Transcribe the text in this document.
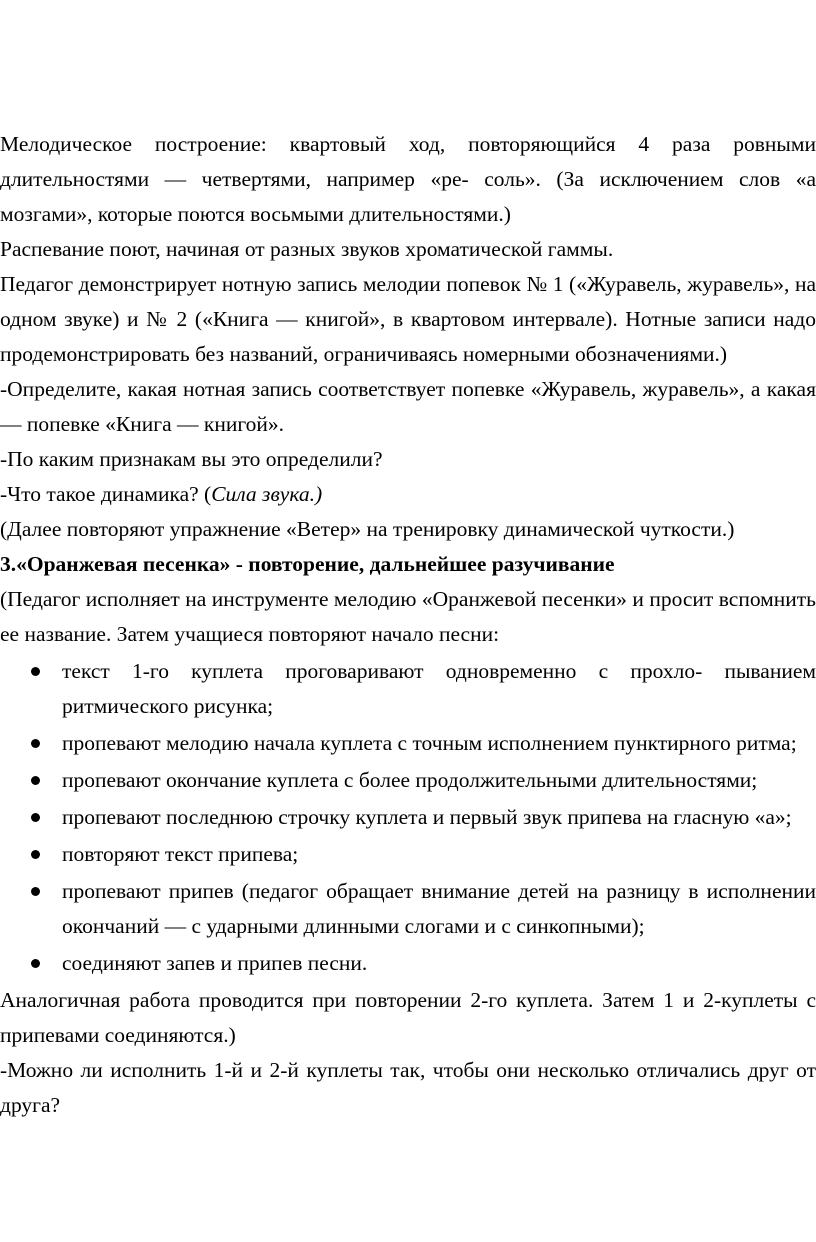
Мелодическое построение: квартовый ход, повторяющийся 4 раза ровными длительностями — четвертями, например «ре- соль». (За исключением слов «а мозгами», которые поются восьмыми длительностями.)

Распевание поют, начиная от разных звуков хроматической гаммы.

Педагог демонстрирует нотную запись мелодии попевок № 1 («Журавель, журавель», на одном звуке) и № 2 («Книга — книгой», в квартовом интервале). Нотные записи надо продемонстрировать без названий, ограничиваясь номерными обозначениями.)

-Определите, какая нотная запись соответствует попевке «Журавель, журавель», а какая — попевке «Книга — книгой».

-По каким признакам вы это определили?

-Что такое динамика? (Сила звука.)

(Далее повторяют упражнение «Ветер» на тренировку динамической чуткости.)

3.«Оранжевая песенка» - повторение, дальнейшее разучивание

(Педагог исполняет на инструменте мелодию «Оранжевой песенки» и просит вспомнить ее название. Затем учащиеся повторяют начало песни:

текст 1-го куплета проговаривают одновременно с прохло- пыванием ритмического рисунка;
пропевают мелодию начала куплета с точным исполнением пунктирного ритма;
пропевают окончание куплета с более продолжительными длительностями;
пропевают последнюю строчку куплета и первый звук припева на гласную «а»;
повторяют текст припева;
пропевают припев (педагог обращает внимание детей на разницу в исполнении окончаний — с ударными длинными слогами и с синкопными);
соединяют запев и припев песни.

Аналогичная работа проводится при повторении 2-го куплета. Затем 1 и 2-куплеты с припевами соединяются.)

-Можно ли исполнить 1-й и 2-й куплеты так, чтобы они несколько отличались друг от друга?
